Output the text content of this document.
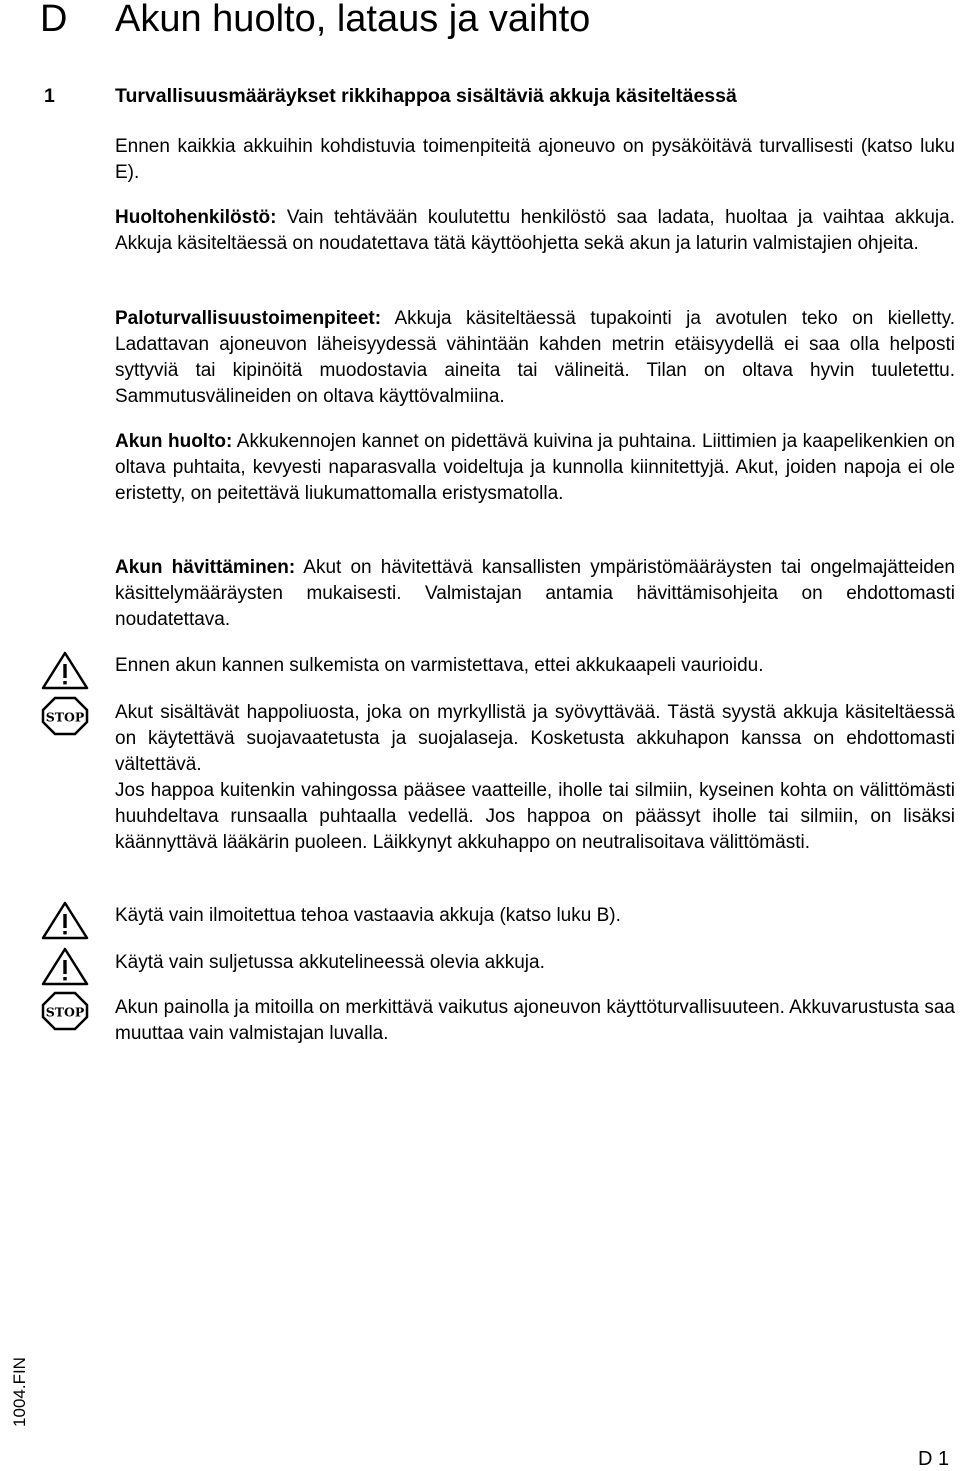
D Akun huolto, lataus ja vaihto
1	Turvallisuusmääräykset rikkihappoa sisältäviä akkuja käsiteltäessä

Ennen kaikkia akkuihin kohdistuvia toimenpiteitä ajoneuvo on pysäköitävä turvallisesti (katso luku E).

Huoltohenkilöstö: Vain tehtävään koulutettu henkilöstö saa ladata, huoltaa ja vaihtaa akkuja. Akkuja käsiteltäessä on noudatettava tätä käyttöohjetta sekä akun ja laturin valmistajien ohjeita.

Paloturvallisuustoimenpiteet: Akkuja käsiteltäessä tupakointi ja avotulen teko on kielletty. Ladattavan ajoneuvon läheisyydessä vähintään kahden metrin etäisyydellä ei saa olla helposti syttyviä tai kipinöitä muodostavia aineita tai välineitä. Tilan on oltava hyvin tuuletettu. Sammutusvälineiden on oltava käyttövalmiina.

Akun huolto: Akkukennojen kannet on pidettävä kuivina ja puhtaina. Liittimien ja kaapelikenkien on oltava puhtaita, kevyesti naparasvalla voideltuja ja kunnolla kiinnitettyjä. Akut, joiden napoja ei ole eristetty, on peitettävä liukumattomalla eristysmatolla.

Akun hävittäminen: Akut on hävitettävä kansallisten ympäristömääräysten tai ongelmajätteiden käsittelymääräysten mukaisesti. Valmistajan antamia hävittämisohjeita on ehdottomasti noudatettava.

Ennen akun kannen sulkemista on varmistettava, ettei akkukaapeli vaurioidu.

STOP Akut sisältävät happoliuosta, joka on myrkyllistä ja syövyttävää. Tästä syystä akkuja käsiteltäessä on käytettävä suojavaatetusta ja suojalaseja. Kosketusta akkuhapon kanssa on ehdottomasti vältettävä.

Jos happoa kuitenkin vahingossa pääsee vaatteille, iholle tai silmiin, kyseinen kohta on välittömästi huuhdeltava runsaalla puhtaalla vedellä. Jos happoa on päässyt iholle tai silmiin, on lisäksi käännyttävä lääkärin puoleen. Läikkynyt akkuhappo on neutralisoitava välittömästi.

Käytä vain ilmoitettua tehoa vastaavia akkuja (katso luku B).

Käytä vain suljetussa akkutelineessä olevia akkuja.

STOP Akun painolla ja mitoilla on merkittävä vaikutus ajoneuvon käyttöturvallisuuteen. Akkuvarustusta saa muuttaa vain valmistajan luvalla.

1004.FIN
D 1
